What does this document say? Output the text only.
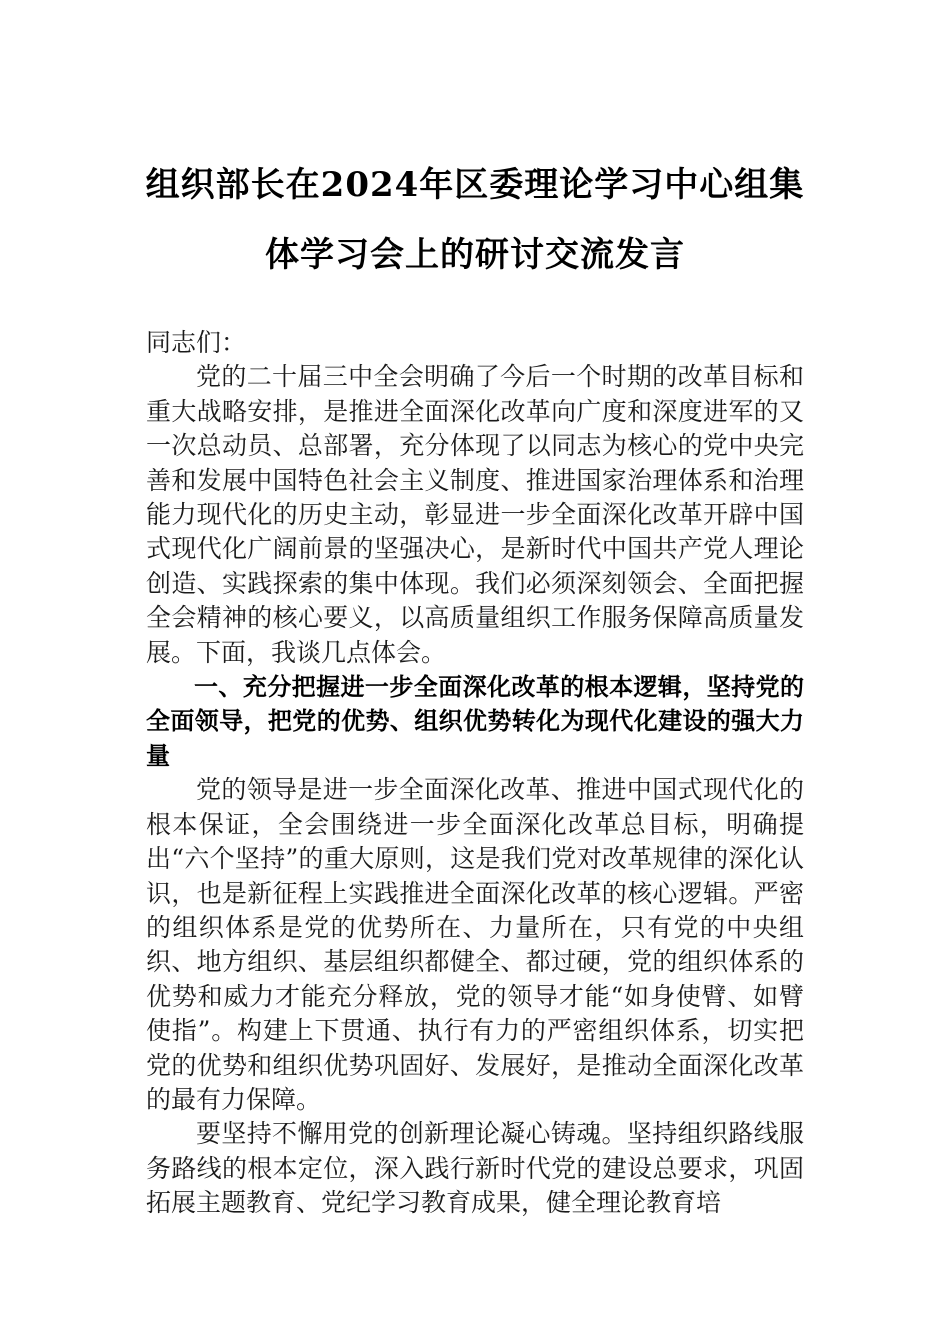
组织部长在2024年区委理论学习中心组集体学习会上的研讨交流发言

同志们：

党的二十届三中全会明确了今后一个时期的改革目标和重大战略安排，是推进全面深化改革向广度和深度进军的又一次总动员、总部署，充分体现了以同志为核心的党中央完善和发展中国特色社会主义制度、推进国家治理体系和治理能力现代化的历史主动，彰显进一步全面深化改革开辟中国式现代化广阔前景的坚强决心，是新时代中国共产党人理论创造、实践探索的集中体现。我们必须深刻领会、全面把握全会精神的核心要义，以高质量组织工作服务保障高质量发展。下面，我谈几点体会。

一、充分把握进一步全面深化改革的根本逻辑，坚持党的全面领导，把党的优势、组织优势转化为现代化建设的强大力量

党的领导是进一步全面深化改革、推进中国式现代化的根本保证，全会围绕进一步全面深化改革总目标，明确提出“六个坚持”的重大原则，这是我们党对改革规律的深化认识，也是新征程上实践推进全面深化改革的核心逻辑。严密的组织体系是党的优势所在、力量所在，只有党的中央组织、地方组织、基层组织都健全、都过硬，党的组织体系的优势和威力才能充分释放，党的领导才能“如身使臂、如臂使指”。构建上下贯通、执行有力的严密组织体系，切实把党的优势和组织优势巩固好、发展好，是推动全面深化改革的最有力保障。

要坚持不懈用党的创新理论凝心铸魂。坚持组织路线服务路线的根本定位，深入践行新时代党的建设总要求，巩固拓展主题教育、党纪学习教育成果，健全理论教育培
